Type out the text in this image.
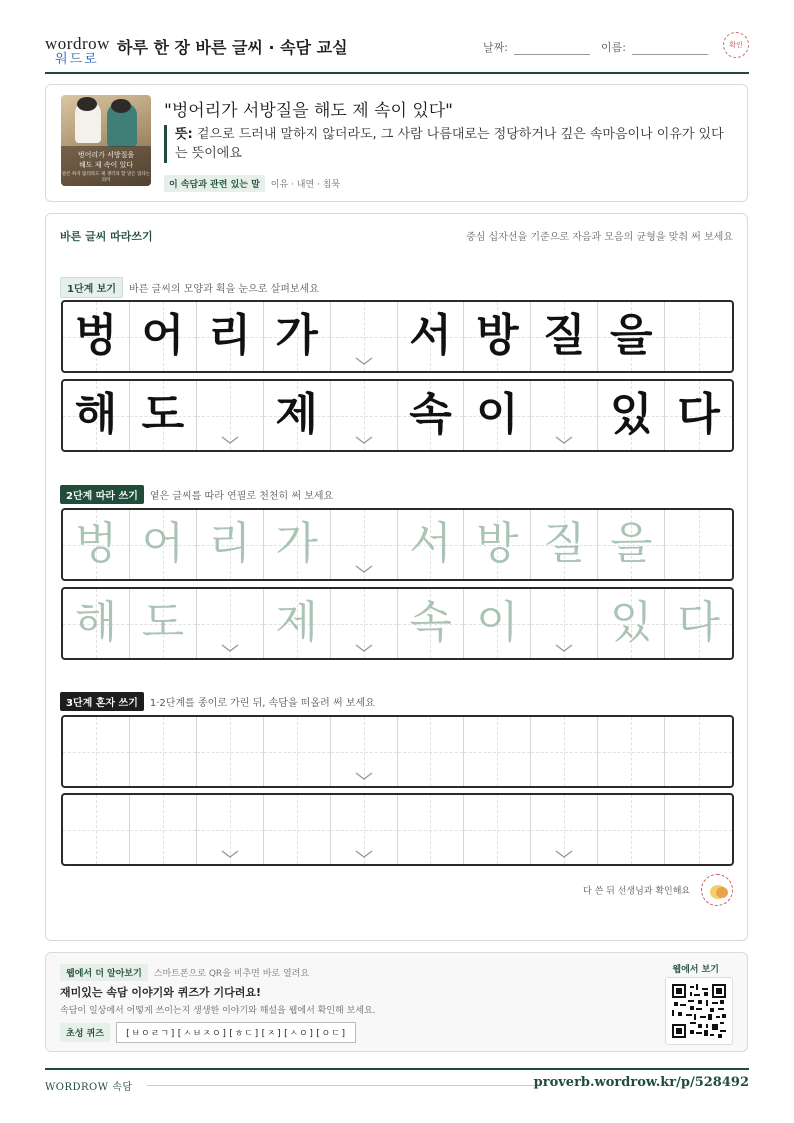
wordrow
워드로
하루 한 장 바른 글씨 · 속담 교실	날짜:	이름:	확인
벙어리가 서방질을
해도 제 속이 있다
말은 하지 않더라도 제 생각과 할 말은 있다는 의미
"벙어리가 서방질을 해도 제 속이 있다"
뜻: 겉으로 드러내 말하지 않더라도, 그 사람 나름대로는 정당하거나 깊은 속마음이나 이유가 있다는 뜻이에요
이 속담과 관련 있는 말 이유 · 내면 · 침묵
바른 글씨 따라쓰기	중심 십자선을 기준으로 자음과 모음의 균형을 맞춰 써 보세요
1단계 보기 바른 글씨의 모양과 획을 눈으로 살펴보세요
벙 어 리 가 서 방 질 을
해 도 제 속 이 있 다
2단계 따라 쓰기 옅은 글씨를 따라 연필로 천천히 써 보세요
벙 어 리 가 서 방 질 을
해 도 제 속 이 있 다
3단계 혼자 쓰기 1·2단계를 종이로 가린 뒤, 속담을 떠올려 써 보세요
다 쓴 뒤 선생님과 확인해요
웹에서 더 알아보기 스마트폰으로 QR을 비추면 바로 열려요
재미있는 속담 이야기와 퀴즈가 기다려요!
속담이 일상에서 어떻게 쓰이는지 생생한 이야기와 해설을 웹에서 확인해 보세요.
초성 퀴즈 [ㅂㅇㄹㄱ][ㅅㅂㅈㅇ][ㅎㄷ][ㅈ][ㅅㅇ][ㅇㄷ]
웹에서 보기
WORDROW 속담	proverb.wordrow.kr/p/528492
